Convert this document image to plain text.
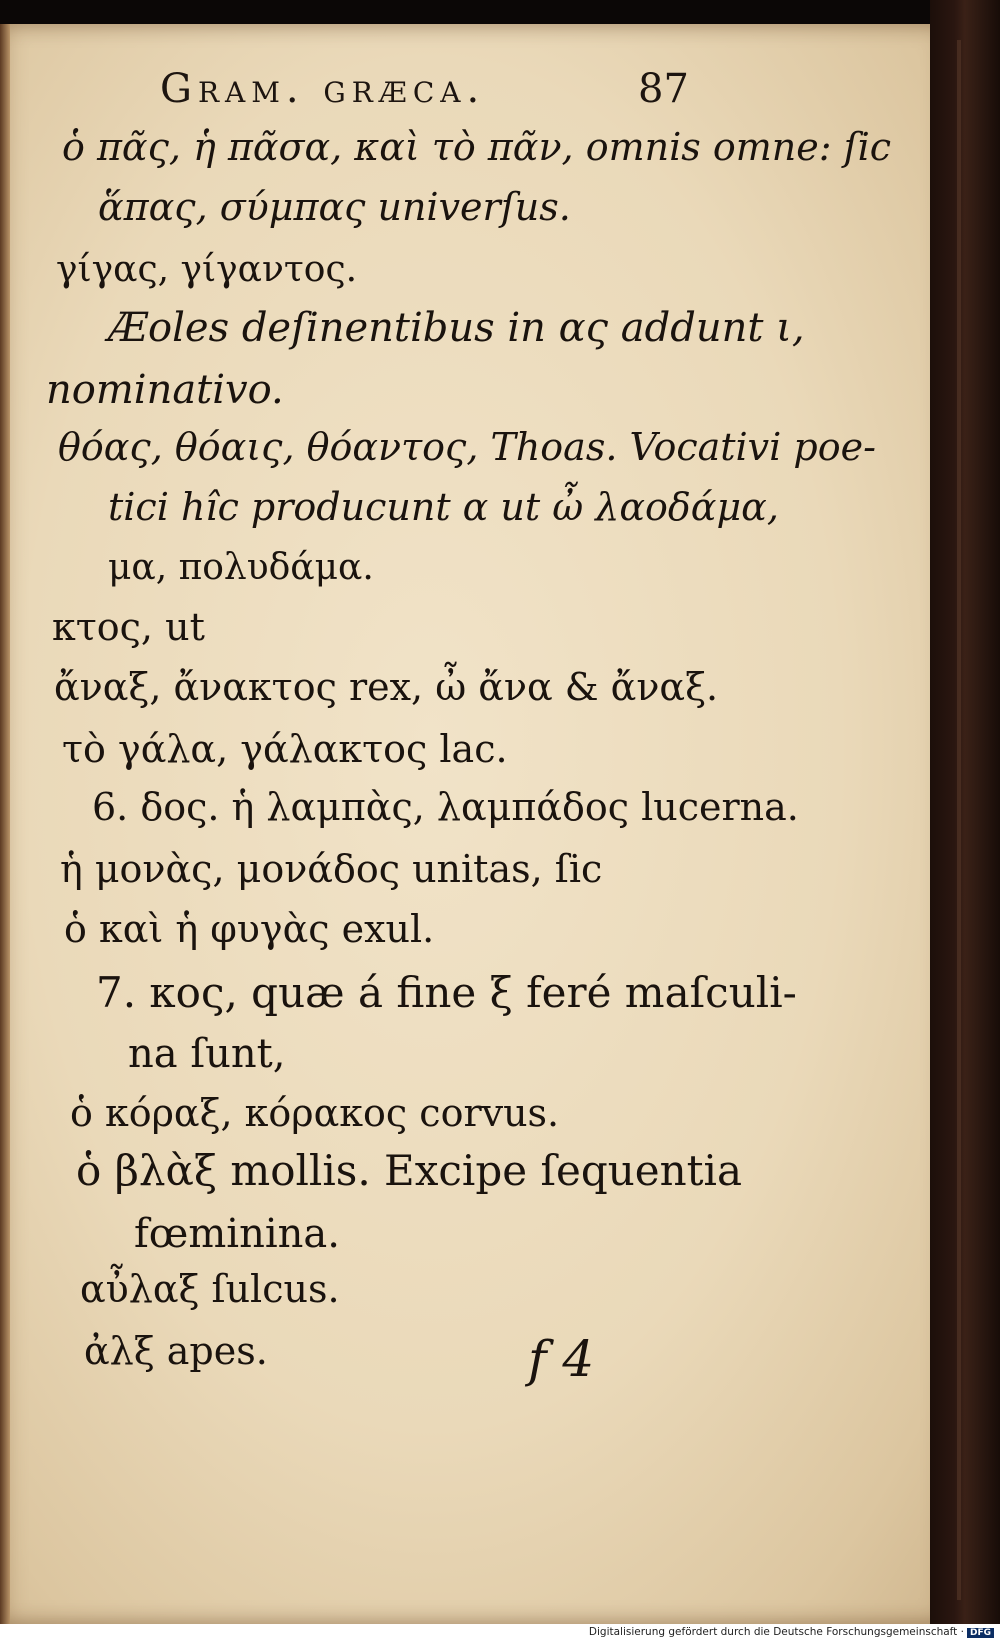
Gram. græca.	87
ὁ πᾶς, ἡ πᾶσα, καὶ τὸ πᾶν, omnis omne: ſic
ἅπας, σύμπας univerſus.
γίγας, γίγαντος.
Æoles deſinentibus in ας addunt ι,
nominativo.
θόας, θόαις, θόαντος, Thoas. Vocativi poe-
tici hîc producunt α ut ὦ λαοδάμα,
μα, πολυδάμα.
κτος, ut
ἄναξ, ἄνακτος rex, ὦ ἄνα & ἄναξ.
τὸ γάλα, γάλακτος lac.
6. δος. ἡ λαμπὰς, λαμπάδος lucerna.
ἡ μονὰς, μονάδος unitas, ſic
ὁ καὶ ἡ φυγὰς exul.
7. κος, quæ á fine ξ feré maſculi-
na ſunt,
ὁ κόραξ, κόρακος corvus.
ὁ βλὰξ mollis. Excipe ſequentia
fœminina.
αὖλαξ ſulcus.
ἀλξ apes.	f 4
Digitalisierung gefördert durch die Deutsche Forschungsgemeinschaft · DFG
